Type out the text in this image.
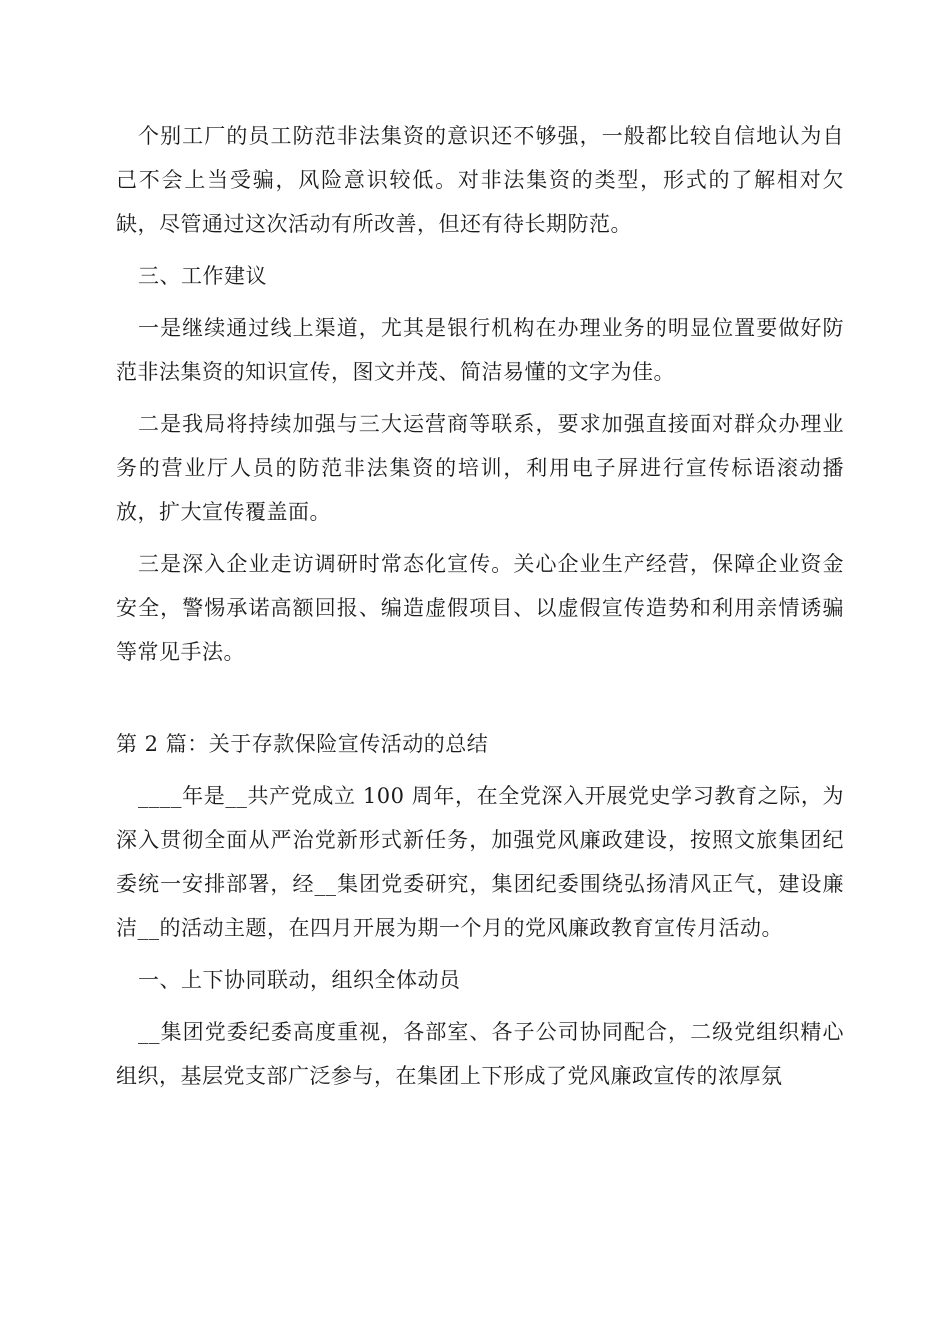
个别工厂的员工防范非法集资的意识还不够强，一般都比较自信地认为自己不会上当受骗，风险意识较低。对非法集资的类型，形式的了解相对欠缺，尽管通过这次活动有所改善，但还有待长期防范。

三、工作建议

一是继续通过线上渠道，尤其是银行机构在办理业务的明显位置要做好防范非法集资的知识宣传，图文并茂、简洁易懂的文字为佳。

二是我局将持续加强与三大运营商等联系，要求加强直接面对群众办理业务的营业厅人员的防范非法集资的培训，利用电子屏进行宣传标语滚动播放，扩大宣传覆盖面。

三是深入企业走访调研时常态化宣传。关心企业生产经营，保障企业资金安全，警惕承诺高额回报、编造虚假项目、以虚假宣传造势和利用亲情诱骗等常见手法。

第 2 篇：关于存款保险宣传活动的总结

____年是__共产党成立 100 周年，在全党深入开展党史学习教育之际，为深入贯彻全面从严治党新形式新任务，加强党风廉政建设，按照文旅集团纪委统一安排部署，经__集团党委研究，集团纪委围绕弘扬清风正气，建设廉洁__的活动主题，在四月开展为期一个月的党风廉政教育宣传月活动。

一、上下协同联动，组织全体动员

__集团党委纪委高度重视，各部室、各子公司协同配合，二级党组织精心组织，基层党支部广泛参与，在集团上下形成了党风廉政宣传的浓厚氛
